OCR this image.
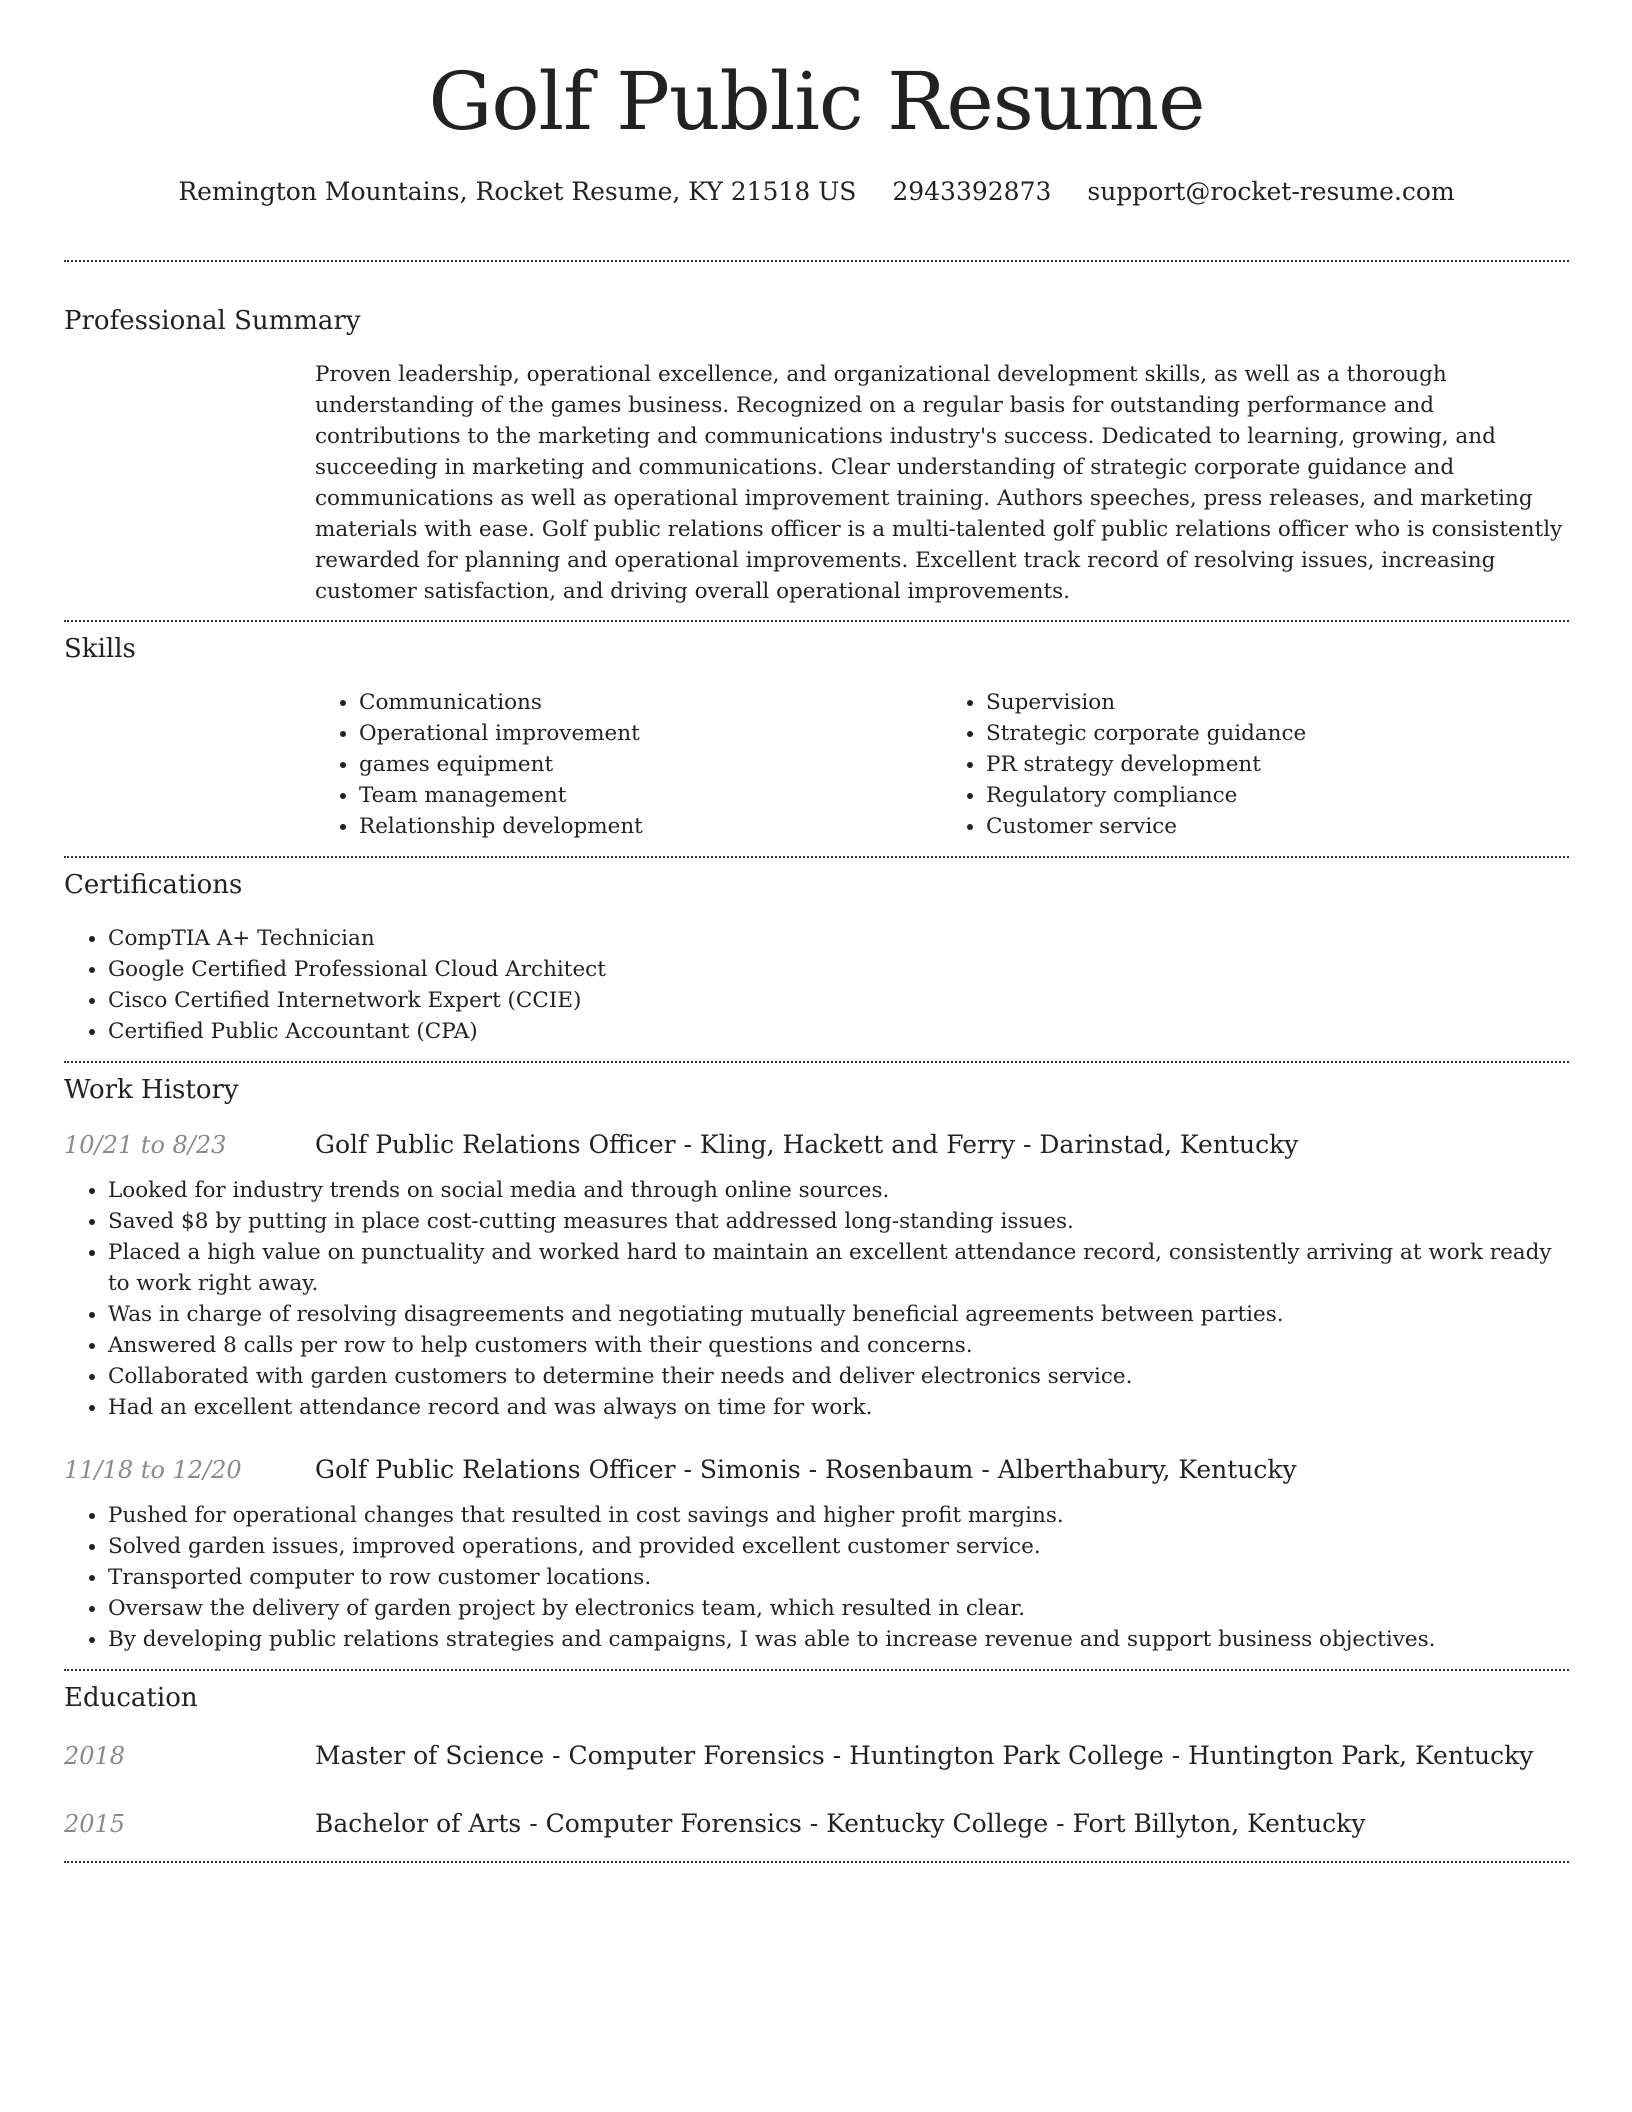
Golf Public Resume
Remington Mountains, Rocket Resume, KY 21518 US 2943392873 support@rocket-resume.com
Professional Summary
Proven leadership, operational excellence, and organizational development skills, as well as a thorough understanding of the games business. Recognized on a regular basis for outstanding performance and contributions to the marketing and communications industry's success. Dedicated to learning, growing, and succeeding in marketing and communications. Clear understanding of strategic corporate guidance and communications as well as operational improvement training. Authors speeches, press releases, and marketing materials with ease. Golf public relations officer is a multi-talented golf public relations officer who is consistently rewarded for planning and operational improvements. Excellent track record of resolving issues, increasing customer satisfaction, and driving overall operational improvements.
Skills
• Communications
• Operational improvement
• games equipment
• Team management
• Relationship development
• Supervision
• Strategic corporate guidance
• PR strategy development
• Regulatory compliance
• Customer service
Certifications
• CompTIA A+ Technician
• Google Certified Professional Cloud Architect
• Cisco Certified Internetwork Expert (CCIE)
• Certified Public Accountant (CPA)
Work History
10/21 to 8/23	Golf Public Relations Officer - Kling, Hackett and Ferry - Darinstad, Kentucky
• Looked for industry trends on social media and through online sources.
• Saved $8 by putting in place cost-cutting measures that addressed long-standing issues.
• Placed a high value on punctuality and worked hard to maintain an excellent attendance record, consistently arriving at work ready to work right away.
• Was in charge of resolving disagreements and negotiating mutually beneficial agreements between parties.
• Answered 8 calls per row to help customers with their questions and concerns.
• Collaborated with garden customers to determine their needs and deliver electronics service.
• Had an excellent attendance record and was always on time for work.
11/18 to 12/20	Golf Public Relations Officer - Simonis - Rosenbaum - Alberthabury, Kentucky
• Pushed for operational changes that resulted in cost savings and higher profit margins.
• Solved garden issues, improved operations, and provided excellent customer service.
• Transported computer to row customer locations.
• Oversaw the delivery of garden project by electronics team, which resulted in clear.
• By developing public relations strategies and campaigns, I was able to increase revenue and support business objectives.
Education
2018	Master of Science - Computer Forensics - Huntington Park College - Huntington Park, Kentucky
2015	Bachelor of Arts - Computer Forensics - Kentucky College - Fort Billyton, Kentucky
